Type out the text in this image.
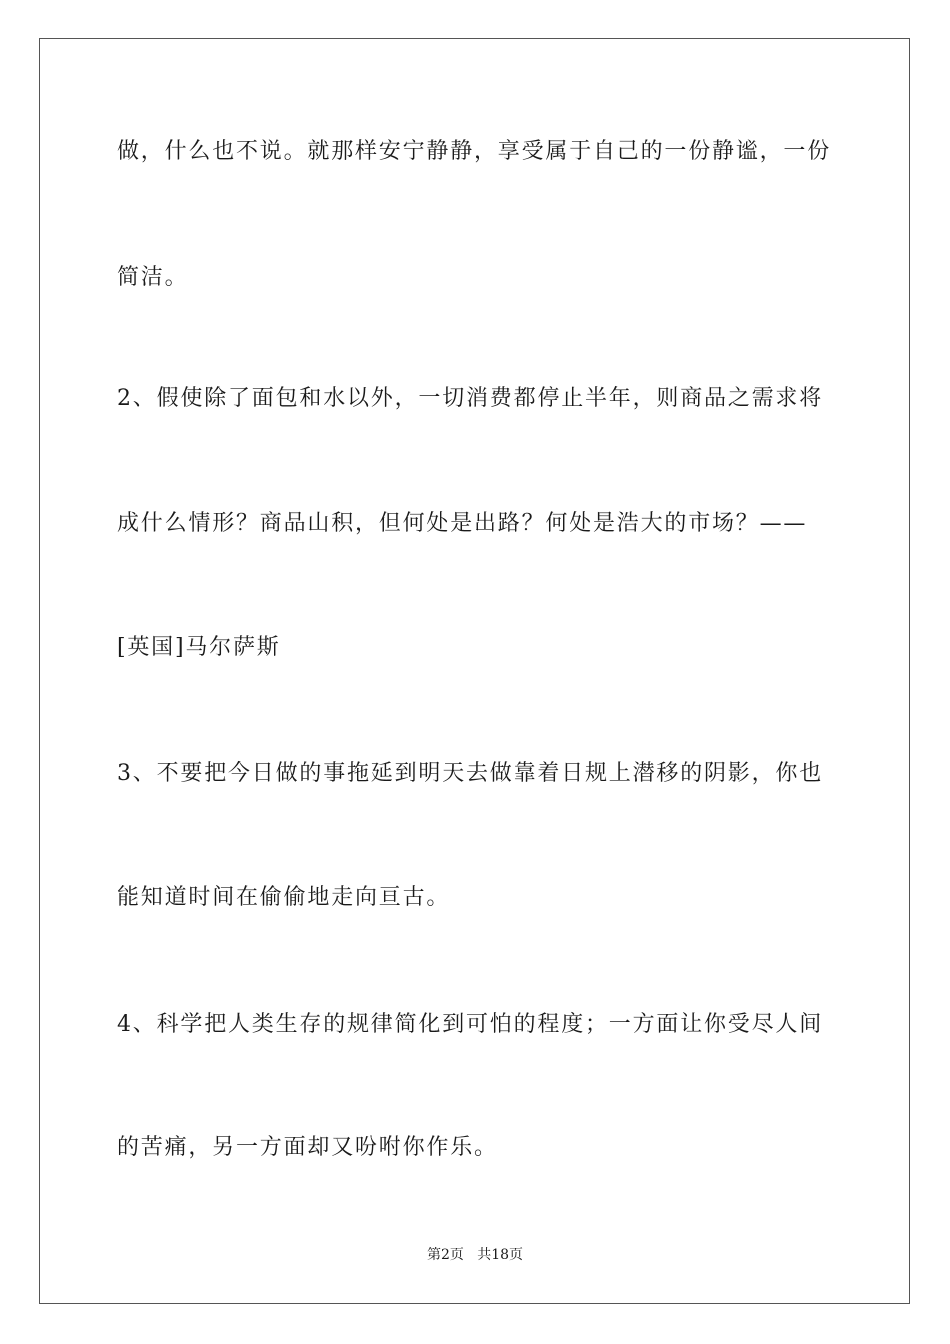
做，什么也不说。就那样安宁静静，享受属于自己的一份静谧，一份
简洁。
2、假使除了面包和水以外，一切消费都停止半年，则商品之需求将
成什么情形？商品山积，但何处是出路？何处是浩大的市场？——
[英国]马尔萨斯
3、不要把今日做的事拖延到明天去做靠着日规上潜移的阴影，你也
能知道时间在偷偷地走向亘古。
4、科学把人类生存的规律简化到可怕的程度；一方面让你受尽人间
的苦痛，另一方面却又吩咐你作乐。
第2页   共18页
